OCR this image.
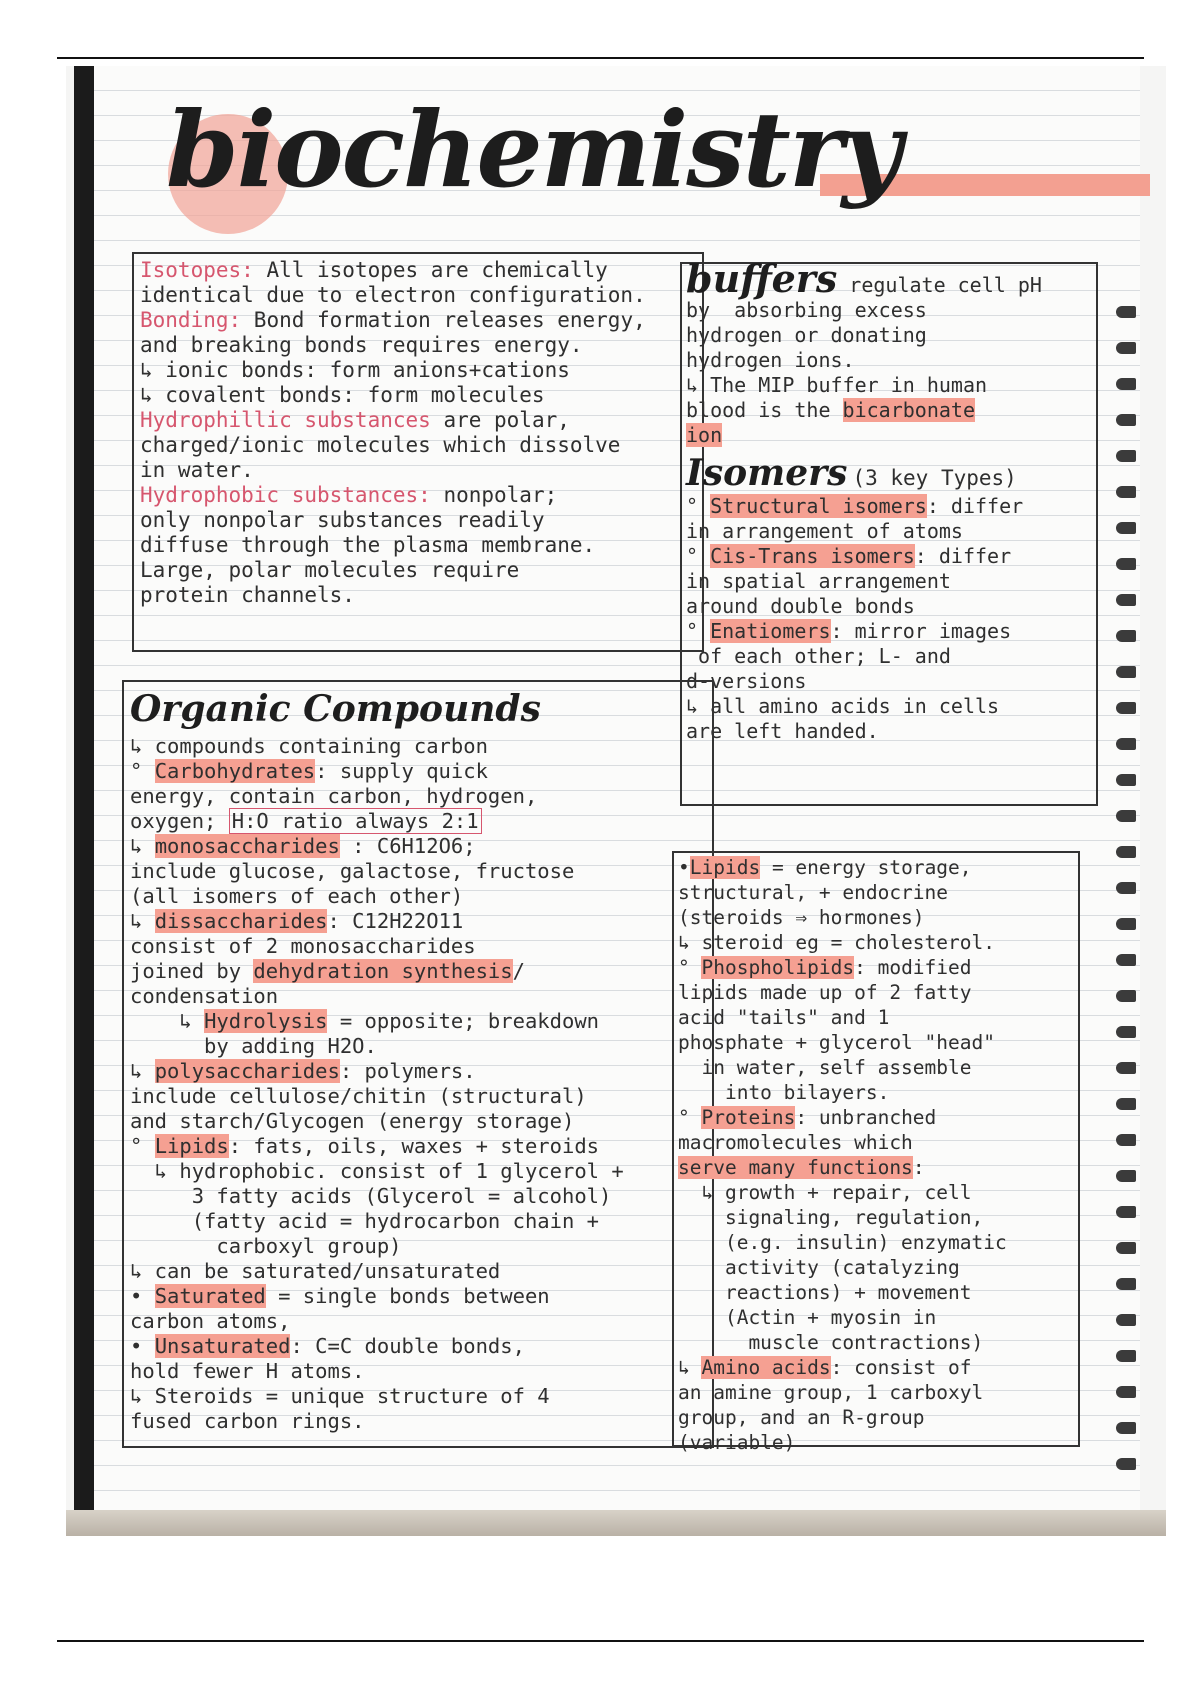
biochemistry
Isotopes: All isotopes are chemically
identical due to electron configuration.
Bonding: Bond formation releases energy,
and breaking bonds requires energy.
↳ ionic bonds: form anions+cations
↳ covalent bonds: form molecules
Hydrophillic substances are polar,
charged/ionic molecules which dissolve
in water.
Hydrophobic substances: nonpolar;
only nonpolar substances readily
diffuse through the plasma membrane.
Large, polar molecules require
protein channels.
buffers regulate cell pH
by  absorbing excess
hydrogen or donating
hydrogen ions.
↳ The MIP buffer in human
blood is the bicarbonate
ion
Isomers (3 key Types)
° Structural isomers: differ
in arrangement of atoms
° Cis-Trans isomers: differ
in spatial arrangement
around double bonds
° Enatiomers: mirror images
of each other; L- and
d-versions
↳ all amino acids in cells
are left handed.
Organic Compounds
↳ compounds containing carbon
° Carbohydrates: supply quick
energy, contain carbon, hydrogen,
oxygen; H:O ratio always 2:1
↳ monosaccharides : C6H12O6;
include glucose, galactose, fructose
(all isomers of each other)
↳ dissaccharides: C12H22O11
consist of 2 monosaccharides
joined by dehydration synthesis/
condensation
↳ Hydrolysis = opposite; breakdown
by adding H2O.
↳ polysaccharides: polymers.
include cellulose/chitin (structural)
and starch/Glycogen (energy storage)
° Lipids: fats, oils, waxes + steroids
↳ hydrophobic. consist of 1 glycerol +
3 fatty acids (Glycerol = alcohol)
(fatty acid = hydrocarbon chain +
carboxyl group)
↳ can be saturated/unsaturated
• Saturated = single bonds between
carbon atoms,
• Unsaturated: C=C double bonds,
hold fewer H atoms.
↳ Steroids = unique structure of 4
fused carbon rings.
•Lipids = energy storage,
structural, + endocrine
(steroids ⇒ hormones)
↳ steroid eg = cholesterol.
° Phospholipids: modified
lipids made up of 2 fatty
acid "tails" and 1
phosphate + glycerol "head"
in water, self assemble
into bilayers.
° Proteins: unbranched
macromolecules which
serve many functions:
↳ growth + repair, cell
signaling, regulation,
(e.g. insulin) enzymatic
activity (catalyzing
reactions) + movement
(Actin + myosin in
muscle contractions)
↳ Amino acids: consist of
an amine group, 1 carboxyl
group, and an R-group
(variable)
